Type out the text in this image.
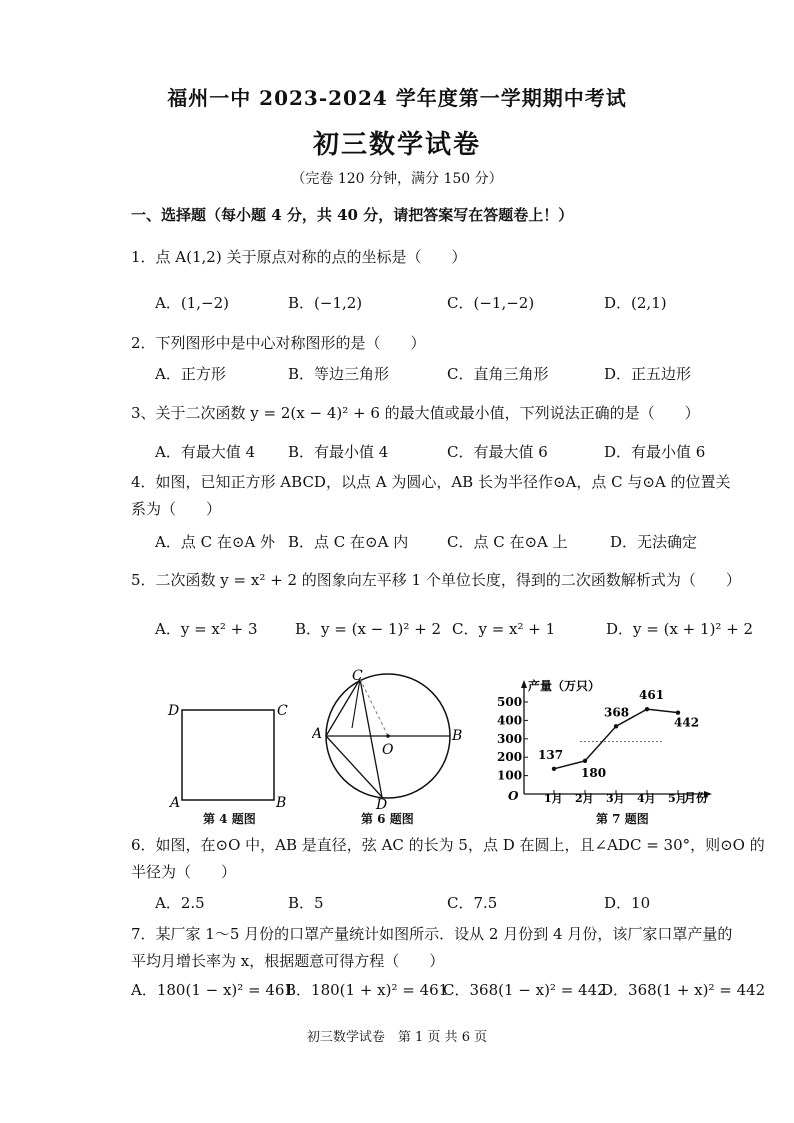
福州一中 2023-2024 学年度第一学期期中考试
初三数学试卷
（完卷 120 分钟，满分 150 分）
一、选择题（每小题 4 分，共 40 分，请把答案写在答题卷上！）
1．点 A(1,2) 关于原点对称的点的坐标是（　　）
A．(1,−2)	B．(−1,2)	C．(−1,−2)	D．(2,1)
2．下列图形中是中心对称图形的是（　　）
A．正方形	B．等边三角形	C．直角三角形	D．正五边形
3、关于二次函数 y = 2(x − 4)² + 6 的最大值或最小值，下列说法正确的是（　　）
A．有最大值 4 B．有最小值 4	C．有最大值 6	D．有最小值 6
4．如图，已知正方形 ABCD，以点 A 为圆心，AB 长为半径作⊙A，点 C 与⊙A 的位置关
系为（　　）
A．点 C 在⊙A 外 B．点 C 在⊙A 内	C．点 C 在⊙A 上	D．无法确定
5．二次函数 y = x² + 2 的图象向左平移 1 个单位长度，得到的二次函数解析式为（　　）
A．y = x² + 3 B．y = (x − 1)² + 2 C．y = x² + 1	D．y = (x + 1)² + 2
D	C
A	B
第 4 题图
C
A
O
B
D
第 6 题图
产量（万只）
月份
O
100
200
300
400
500
1月 2月 3月 4月 5月
137
180
368
461
442
第 7 题图
6．如图，在⊙O 中，AB 是直径，弦 AC 的长为 5，点 D 在圆上，且∠ADC = 30°，则⊙O 的
半径为（　　）
A．2.5	B．5	C．7.5	D．10
7．某厂家 1～5 月份的口罩产量统计如图所示．设从 2 月份到 4 月份，该厂家口罩产量的
平均月增长率为 x，根据题意可得方程（　　）
A．180(1 − x)² = 461
B．180(1 + x)² = 461
C．368(1 − x)² = 442
D．368(1 + x)² = 442
初三数学试卷　第 1 页 共 6 页
